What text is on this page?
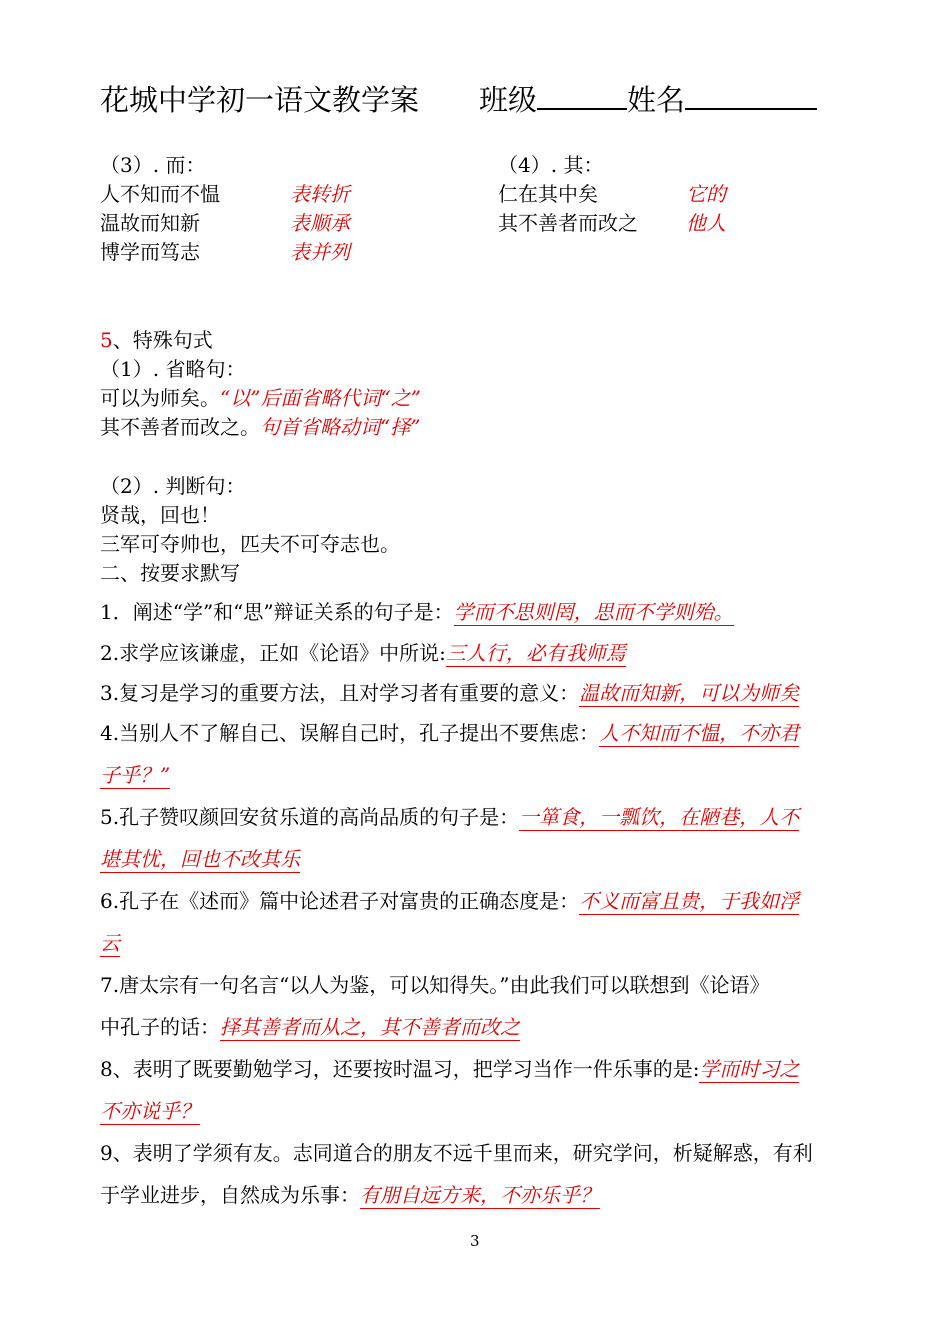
花城中学初一语文教学案 班级	姓名
（3）. 而：
人不知而不愠	表转折
温故而知新	表顺承
博学而笃志	表并列
（4）. 其：
仁在其中矣	它的
其不善者而改之 他人
5、特殊句式
（1）. 省略句：
可以为师矣。“以”后面省略代词“之”
其不善者而改之。句首省略动词“择”
（2）. 判断句：
贤哉，回也！
三军可夺帅也，匹夫不可夺志也。
二、按要求默写
1．阐述“学”和“思”辩证关系的句子是：学而不思则罔，思而不学则殆。
2.求学应该谦虚，正如《论语》中所说:三人行，必有我师焉
3.复习是学习的重要方法，且对学习者有重要的意义：温故而知新，可以为师矣
4.当别人不了解自己、误解自己时，孔子提出不要焦虑：人不知而不愠，不亦君
子乎？”
5.孔子赞叹颜回安贫乐道的高尚品质的句子是：一箪食，一瓢饮，在陋巷，人不
堪其忧，回也不改其乐
6.孔子在《述而》篇中论述君子对富贵的正确态度是：不义而富且贵，于我如浮
云
7.唐太宗有一句名言“以人为鉴，可以知得失。”由此我们可以联想到《论语》
中孔子的话：择其善者而从之，其不善者而改之
8、表明了既要勤勉学习，还要按时温习，把学习当作一件乐事的是:学而时习之
不亦说乎？
9、表明了学须有友。志同道合的朋友不远千里而来，研究学问，析疑解惑，有利
于学业进步，自然成为乐事：有朋自远方来，不亦乐乎？
3
